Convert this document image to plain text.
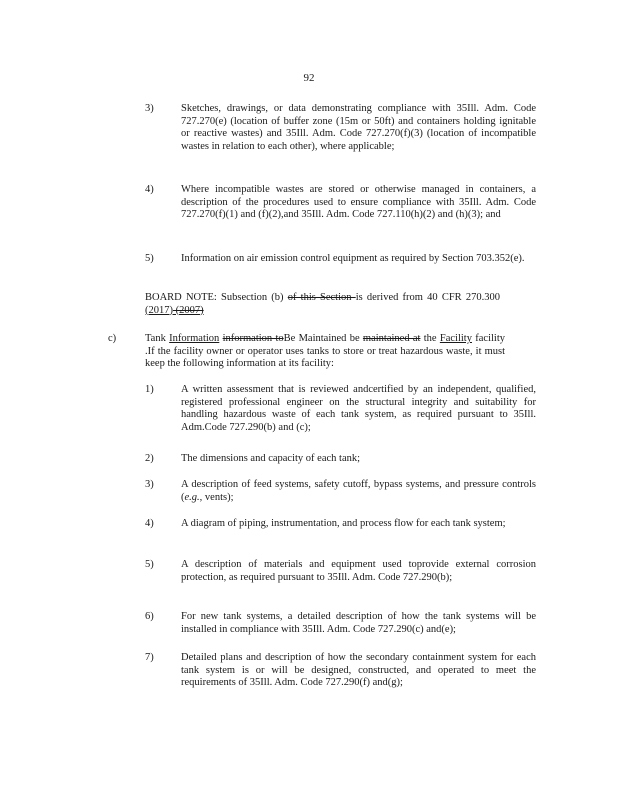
92
3)	Sketches, drawings, or data demonstrating compliance with 35Ill. Adm. Code 727.270(e) (location of buffer zone (15m or 50ft) and containers holding ignitable or reactive wastes) and 35Ill. Adm. Code 727.270(f)(3) (location of incompatible wastes in relation to each other), where applicable;
4)	Where incompatible wastes are stored or otherwise managed in containers, a description of the procedures used to ensure compliance with 35Ill. Adm. Code 727.270(f)(1) and (f)(2),and 35Ill. Adm. Code 727.110(h)(2) and (h)(3); and
5)	Information on air emission control equipment as required by Section 703.352(e).
BOARD NOTE: Subsection (b) of this Section is derived from 40 CFR 270.300 (2017) (2007)
c)	Tank Information information toBe Maintained be maintained at the Facility facility .If the facility owner or operator uses tanks to store or treat hazardous waste, it must keep the following information at its facility:
1)	A written assessment that is reviewed andcertified by an independent, qualified, registered professional engineer on the structural integrity and suitability for handling hazardous waste of each tank system, as required pursuant to 35Ill. Adm.Code 727.290(b) and (c);
2)	The dimensions and capacity of each tank;
3)	A description of feed systems, safety cutoff, bypass systems, and pressure controls (e.g., vents);
4)	A diagram of piping, instrumentation, and process flow for each tank system;
5)	A description of materials and equipment used toprovide external corrosion protection, as required pursuant to 35Ill. Adm. Code 727.290(b);
6)	For new tank systems, a detailed description of how the tank systems will be installed in compliance with 35Ill. Adm. Code 727.290(c) and(e);
7)	Detailed plans and description of how the secondary containment system for each tank system is or will be designed, constructed, and operated to meet the requirements of 35Ill. Adm. Code 727.290(f) and(g);
